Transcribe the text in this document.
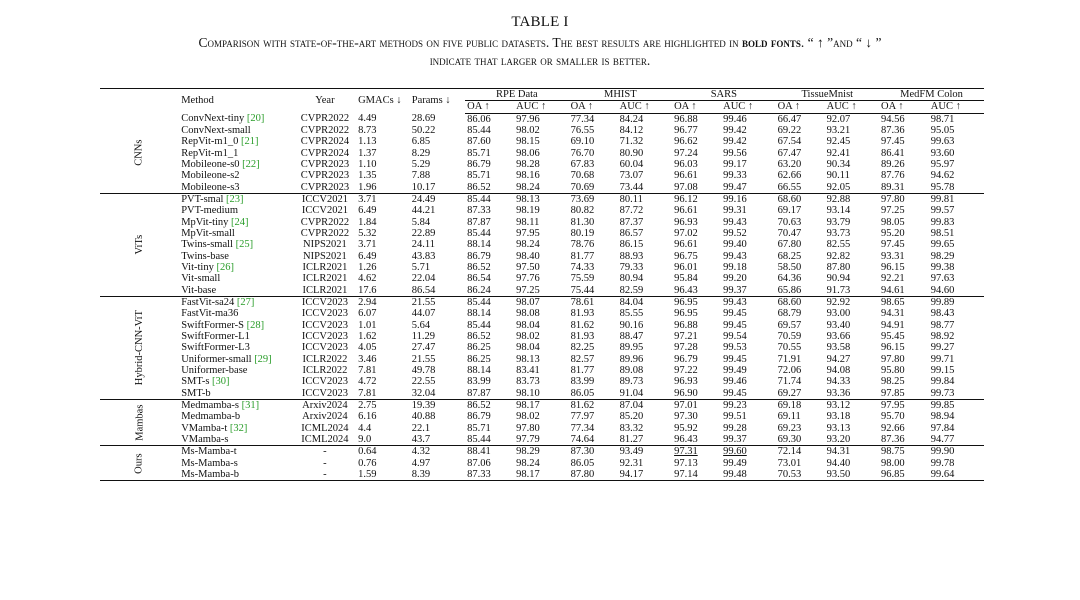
TABLE I
Comparison with state-of-the-art methods on five public datasets. The best results are highlighted in bold fonts. “ ↑ ”and “ ↓ ”
indicate that larger or smaller is better.
	Method	Year	GMACs ↓	Params ↓	RPE Data		MHIST		SARS		TissueMnist		MedFM Colon	
					OA ↑	AUC ↑	OA ↑	AUC ↑	OA ↑	AUC ↑	OA ↑	AUC ↑	OA ↑	AUC ↑
CNNs	ConvNext-tiny [20]	CVPR2022	4.49	28.69	86.06	97.96	77.34	84.24	96.88	99.46	66.47	92.07	94.56	98.71
	ConvNext-small	CVPR2022	8.73	50.22	85.44	98.02	76.55	84.12	96.77	99.42	69.22	93.21	87.36	95.05
	RepVit-m1_0 [21]	CVPR2024	1.13	6.85	87.60	98.15	69.10	71.32	96.62	99.42	67.54	92.45	97.45	99.63
	RepVit-m1_1	CVPR2024	1.37	8.29	85.71	98.06	76.70	80.90	97.24	99.56	67.47	92.41	86.41	93.60
	Mobileone-s0 [22]	CVPR2023	1.10	5.29	86.79	98.28	67.83	60.04	96.03	99.17	63.20	90.34	89.26	95.97
	Mobileone-s2	CVPR2023	1.35	7.88	85.71	98.16	70.68	73.07	96.61	99.33	62.66	90.11	87.76	94.62
	Mobileone-s3	CVPR2023	1.96	10.17	86.52	98.24	70.69	73.44	97.08	99.47	66.55	92.05	89.31	95.78
ViTs	PVT-smal [23]	ICCV2021	3.71	24.49	85.44	98.13	73.69	80.11	96.12	99.16	68.60	92.88	97.80	99.81
	PVT-medium	ICCV2021	6.49	44.21	87.33	98.19	80.82	87.72	96.61	99.31	69.17	93.14	97.25	99.57
	MpVit-tiny [24]	CVPR2022	1.84	5.84	87.87	98.11	81.30	87.37	96.93	99.43	70.63	93.79	98.05	99.83
	MpVit-small	CVPR2022	5.32	22.89	85.44	97.95	80.19	86.57	97.02	99.52	70.47	93.73	95.20	98.51
	Twins-small [25]	NIPS2021	3.71	24.11	88.14	98.24	78.76	86.15	96.61	99.40	67.80	82.55	97.45	99.65
	Twins-base	NIPS2021	6.49	43.83	86.79	98.40	81.77	88.93	96.75	99.43	68.25	92.82	93.31	98.29
	Vit-tiny [26]	ICLR2021	1.26	5.71	86.52	97.50	74.33	79.33	96.01	99.18	58.50	87.80	96.15	99.38
	Vit-small	ICLR2021	4.62	22.04	86.54	97.76	75.59	80.94	95.84	99.20	64.36	90.94	92.21	97.63
	Vit-base	ICLR2021	17.6	86.54	86.24	97.25	75.44	82.59	96.43	99.37	65.86	91.73	94.61	94.60
Hybrid-CNN-ViT	FastVit-sa24 [27]	ICCV2023	2.94	21.55	85.44	98.07	78.61	84.04	96.95	99.43	68.60	92.92	98.65	99.89
	FastVit-ma36	ICCV2023	6.07	44.07	88.14	98.08	81.93	85.55	96.95	99.45	68.79	93.00	94.31	98.43
	SwiftFormer-S [28]	ICCV2023	1.01	5.64	85.44	98.04	81.62	90.16	96.88	99.45	69.57	93.40	94.91	98.77
	SwiftFormer-L1	ICCV2023	1.62	11.29	86.52	98.02	81.93	88.47	97.21	99.54	70.59	93.66	95.45	98.92
	SwiftFormer-L3	ICCV2023	4.05	27.47	86.25	98.04	82.25	89.95	97.28	99.53	70.55	93.58	96.15	99.27
	Uniformer-small [29]	ICLR2022	3.46	21.55	86.25	98.13	82.57	89.96	96.79	99.45	71.91	94.27	97.80	99.71
	Uniformer-base	ICLR2022	7.81	49.78	88.14	83.41	81.77	89.08	97.22	99.49	72.06	94.08	95.80	99.15
	SMT-s [30]	ICCV2023	4.72	22.55	83.99	83.73	83.99	89.73	96.93	99.46	71.74	94.33	98.25	99.84
	SMT-b	ICCV2023	7.81	32.04	87.87	98.10	86.05	91.04	96.90	99.45	69.27	93.36	97.85	99.73
Mambas	Medmamba-s [31]	Arxiv2024	2.75	19.39	86.52	98.17	81.62	87.04	97.01	99.23	69.18	93.12	97.95	99.85
	Medmamba-b	Arxiv2024	6.16	40.88	86.79	98.02	77.97	85.20	97.30	99.51	69.11	93.18	95.70	98.94
	VMamba-t [32]	ICML2024	4.4	22.1	85.71	97.80	77.34	83.32	95.92	99.28	69.23	93.13	92.66	97.84
	VMamba-s	ICML2024	9.0	43.7	85.44	97.79	74.64	81.27	96.43	99.37	69.30	93.20	87.36	94.77
Ours	Ms-Mamba-t	-	0.64	4.32	88.41	98.29	87.30	93.49	97.31	99.60	72.14	94.31	98.75	99.90
	Ms-Mamba-s	-	0.76	4.97	87.06	98.24	86.05	92.31	97.13	99.49	73.01	94.40	98.00	99.78
	Ms-Mamba-b	-	1.59	8.39	87.33	98.17	87.80	94.17	97.14	99.48	70.53	93.50	96.85	99.64
